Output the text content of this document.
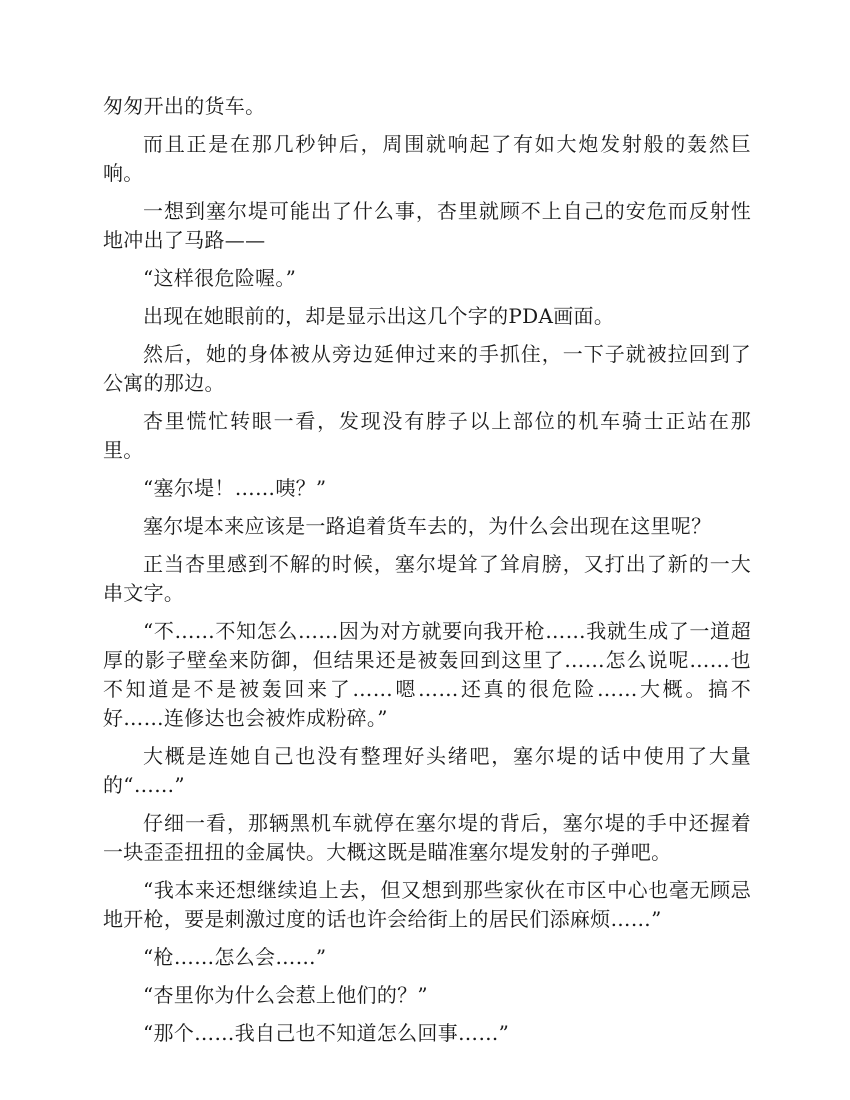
匆匆开出的货车。

而且正是在那几秒钟后，周围就响起了有如大炮发射般的轰然巨响。

一想到塞尔堤可能出了什么事，杏里就顾不上自己的安危而反射性地冲出了马路——

“这样很危险喔。”

出现在她眼前的，却是显示出这几个字的PDA画面。

然后，她的身体被从旁边延伸过来的手抓住，一下子就被拉回到了公寓的那边。

杏里慌忙转眼一看，发现没有脖子以上部位的机车骑士正站在那里。

“塞尔堤！……咦？”

塞尔堤本来应该是一路追着货车去的，为什么会出现在这里呢？

正当杏里感到不解的时候，塞尔堤耸了耸肩膀，又打出了新的一大串文字。

“不……不知怎么……因为对方就要向我开枪……我就生成了一道超厚的影子壁垒来防御，但结果还是被轰回到这里了……怎么说呢……也不知道是不是被轰回来了……嗯……还真的很危险……大概。搞不好……连修达也会被炸成粉碎。”

大概是连她自己也没有整理好头绪吧，塞尔堤的话中使用了大量的“……”

仔细一看，那辆黑机车就停在塞尔堤的背后，塞尔堤的手中还握着一块歪歪扭扭的金属快。大概这既是瞄准塞尔堤发射的子弹吧。

“我本来还想继续追上去，但又想到那些家伙在市区中心也毫无顾忌地开枪，要是刺激过度的话也许会给街上的居民们添麻烦……”

“枪……怎么会……”

“杏里你为什么会惹上他们的？”

“那个……我自己也不知道怎么回事……”
